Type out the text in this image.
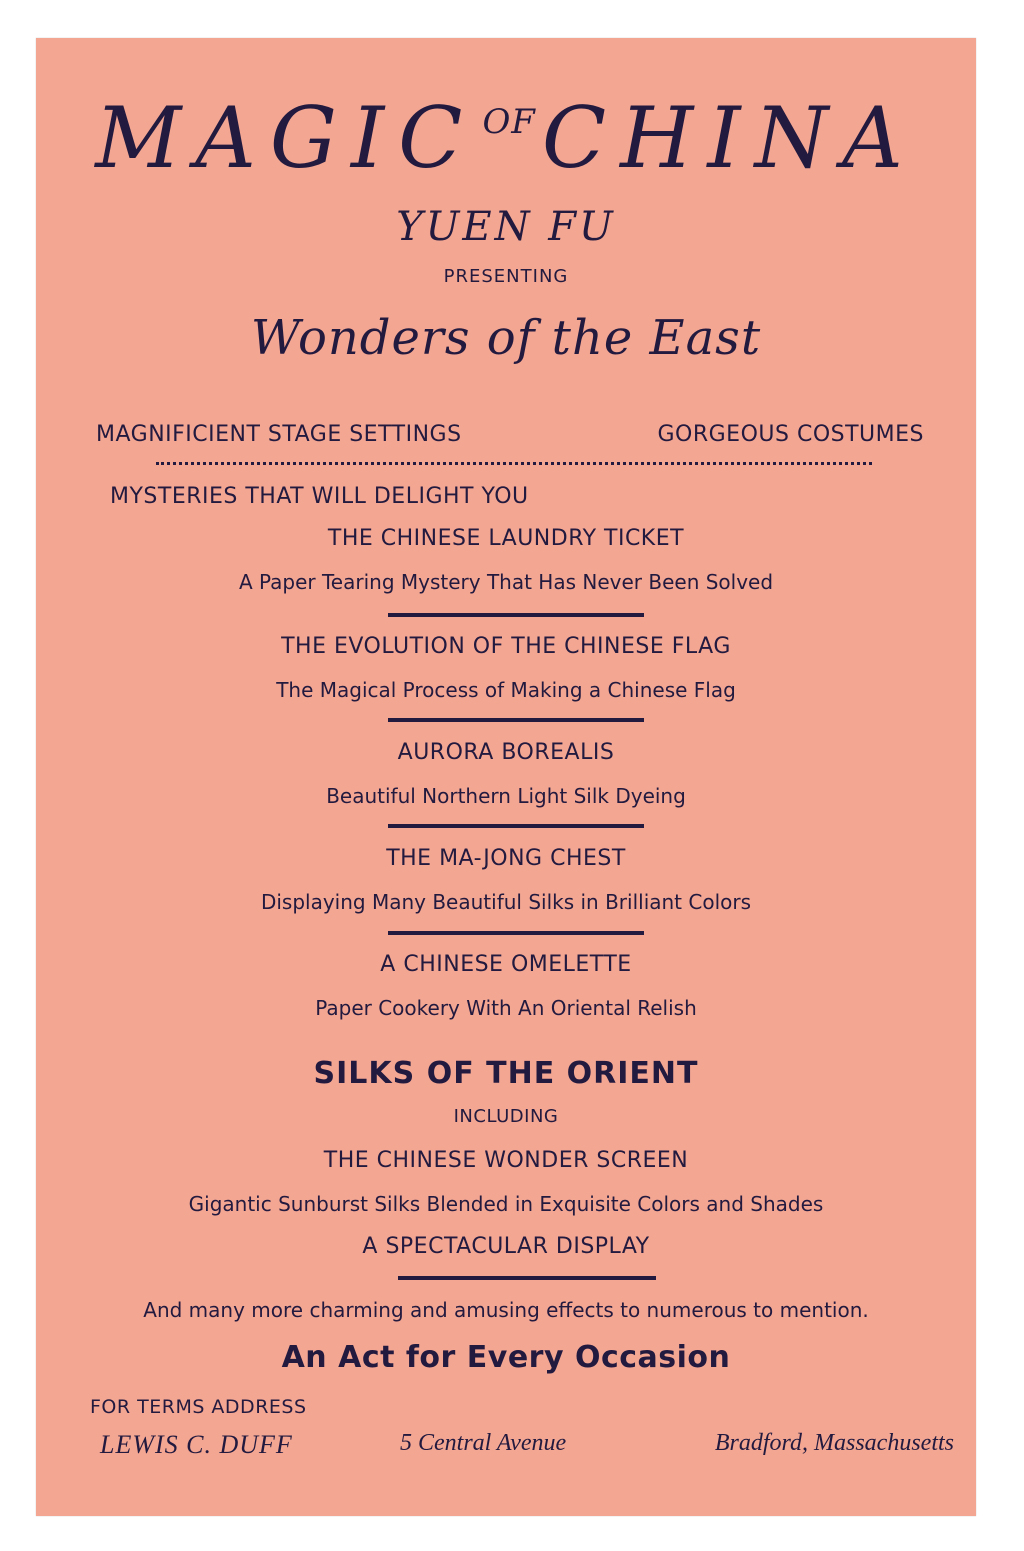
MAGIC $^{OF}$CHINA
YUEN FU
PRESENTING
Wonders of the East
MAGNIFICIENT STAGE SETTINGS	GORGEOUS COSTUMES
MYSTERIES THAT WILL DELIGHT YOU
THE CHINESE LAUNDRY TICKET
A Paper Tearing Mystery That Has Never Been Solved
THE EVOLUTION OF THE CHINESE FLAG
The Magical Process of Making a Chinese Flag
AURORA BOREALIS
Beautiful Northern Light Silk Dyeing
THE MA-JONG CHEST
Displaying Many Beautiful Silks in Brilliant Colors
A CHINESE OMELETTE
Paper Cookery With An Oriental Relish
SILKS OF THE ORIENT
INCLUDING
THE CHINESE WONDER SCREEN
Gigantic Sunburst Silks Blended in Exquisite Colors and Shades
A SPECTACULAR DISPLAY
And many more charming and amusing effects to numerous to mention.
An Act for Every Occasion
FOR TERMS ADDRESS
LEWIS C. DUFF	5 Central Avenue	Bradford, Massachusetts
